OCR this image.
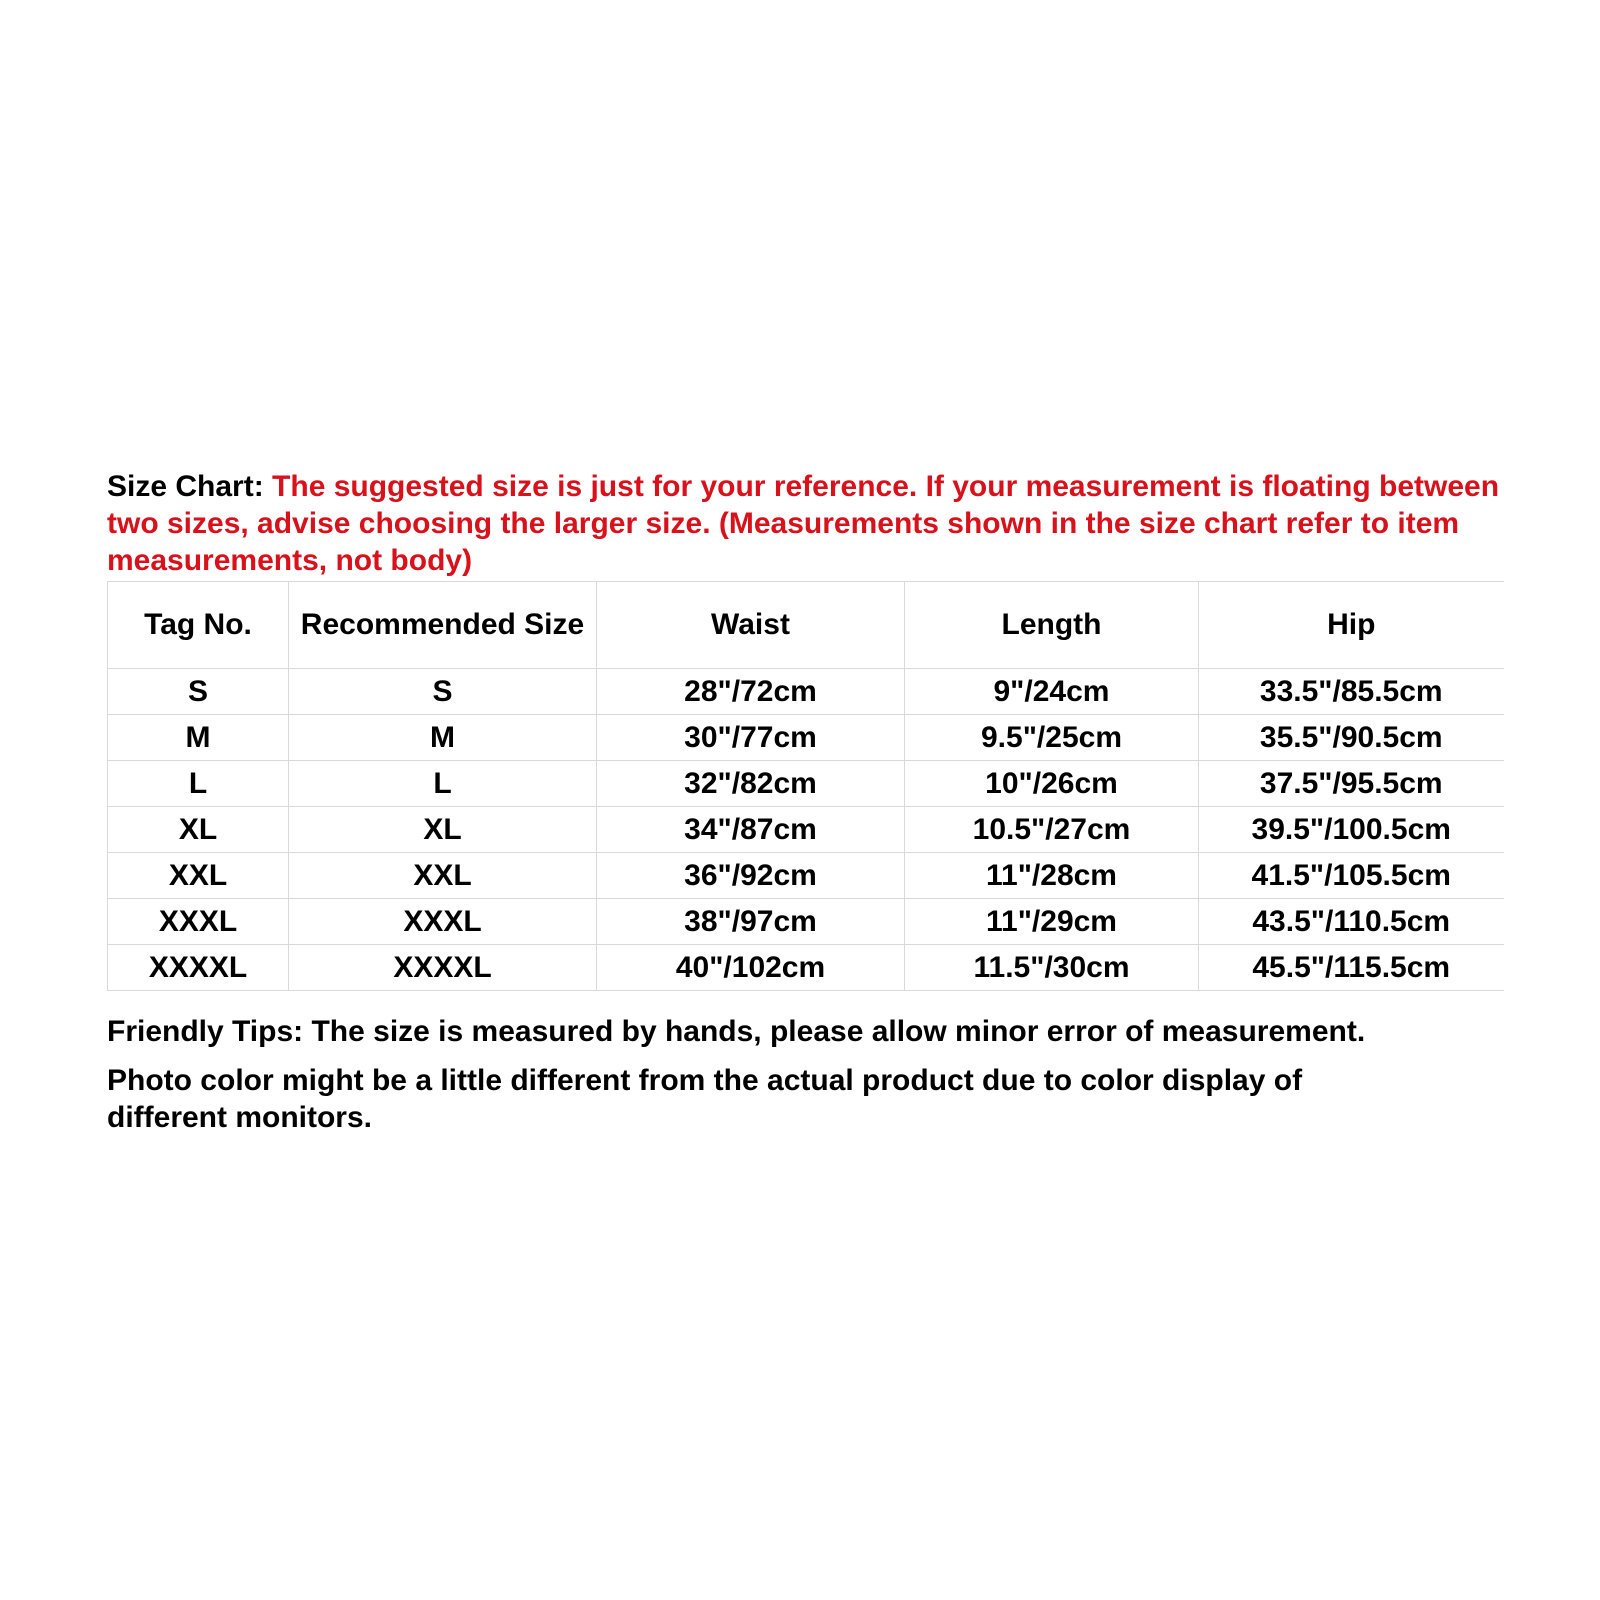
Size Chart: The suggested size is just for your reference. If your measurement is floating between two sizes, advise choosing the larger size. (Measurements shown in the size chart refer to item measurements, not body)

Tag No.	Recommended Size	Waist	Length	Hip
S	S	28"/72cm	9"/24cm	33.5"/85.5cm
M	M	30"/77cm	9.5"/25cm	35.5"/90.5cm
L	L	32"/82cm	10"/26cm	37.5"/95.5cm
XL	XL	34"/87cm	10.5"/27cm	39.5"/100.5cm
XXL	XXL	36"/92cm	11"/28cm	41.5"/105.5cm
XXXL	XXXL	38"/97cm	11"/29cm	43.5"/110.5cm
XXXXL	XXXXL	40"/102cm	11.5"/30cm	45.5"/115.5cm

Friendly Tips: The size is measured by hands, please allow minor error of measurement.

Photo color might be a little different from the actual product due to color display of different monitors.
